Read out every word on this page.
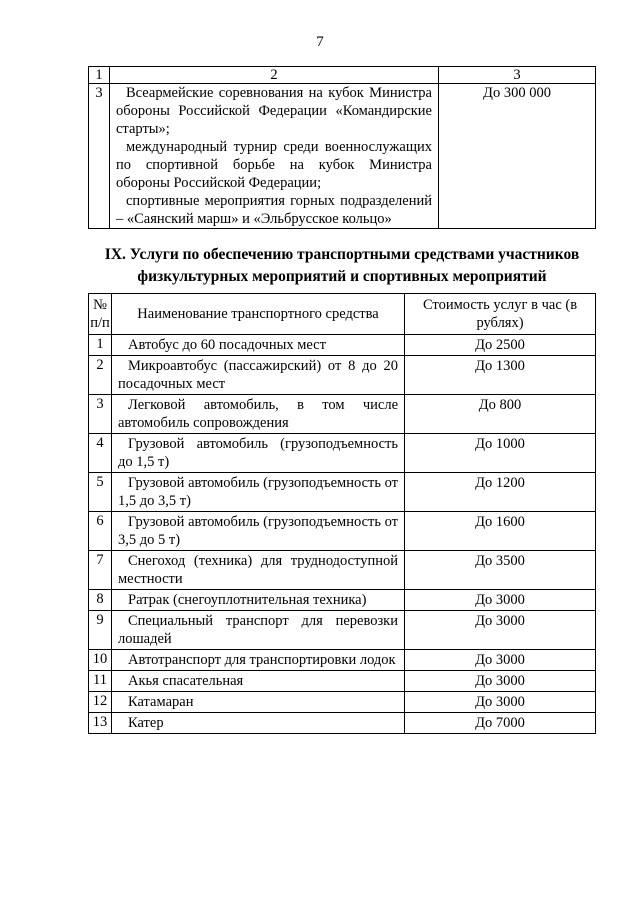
7
1	2	3
3	Всеармейские соревнования на кубок Министра обороны Российской Федерации «Командирские старты»;

международный турнир среди военнослужащих по спортивной борьбе на кубок Министра обороны Российской Федерации;

спортивные мероприятия горных подразделений – «Саянский марш» и «Эльбрусское кольцо»	До 300 000
IX. Услуги по обеспечению транспортными средствами участников физкультурных мероприятий и спортивных мероприятий
№ п/п	Наименование транспортного средства	Стоимость услуг в час (в рублях)
1	Автобус до 60 посадочных мест	До 2500
2	Микроавтобус (пассажирский) от 8 до 20 посадочных мест	До 1300
3	Легковой автомобиль, в том числе автомобиль сопровождения	До 800
4	Грузовой автомобиль (грузоподъемность до 1,5 т)	До 1000
5	Грузовой автомобиль (грузоподъемность от 1,5 до 3,5 т)	До 1200
6	Грузовой автомобиль (грузоподъемность от 3,5 до 5 т)	До 1600
7	Снегоход (техника) для труднодоступной местности	До 3500
8	Ратрак (снегоуплотнительная техника)	До 3000
9	Специальный транспорт для перевозки лошадей	До 3000
10	Автотранспорт для транспортировки лодок	До 3000
11	Акья спасательная	До 3000
12	Катамаран	До 3000
13	Катер	До 7000
